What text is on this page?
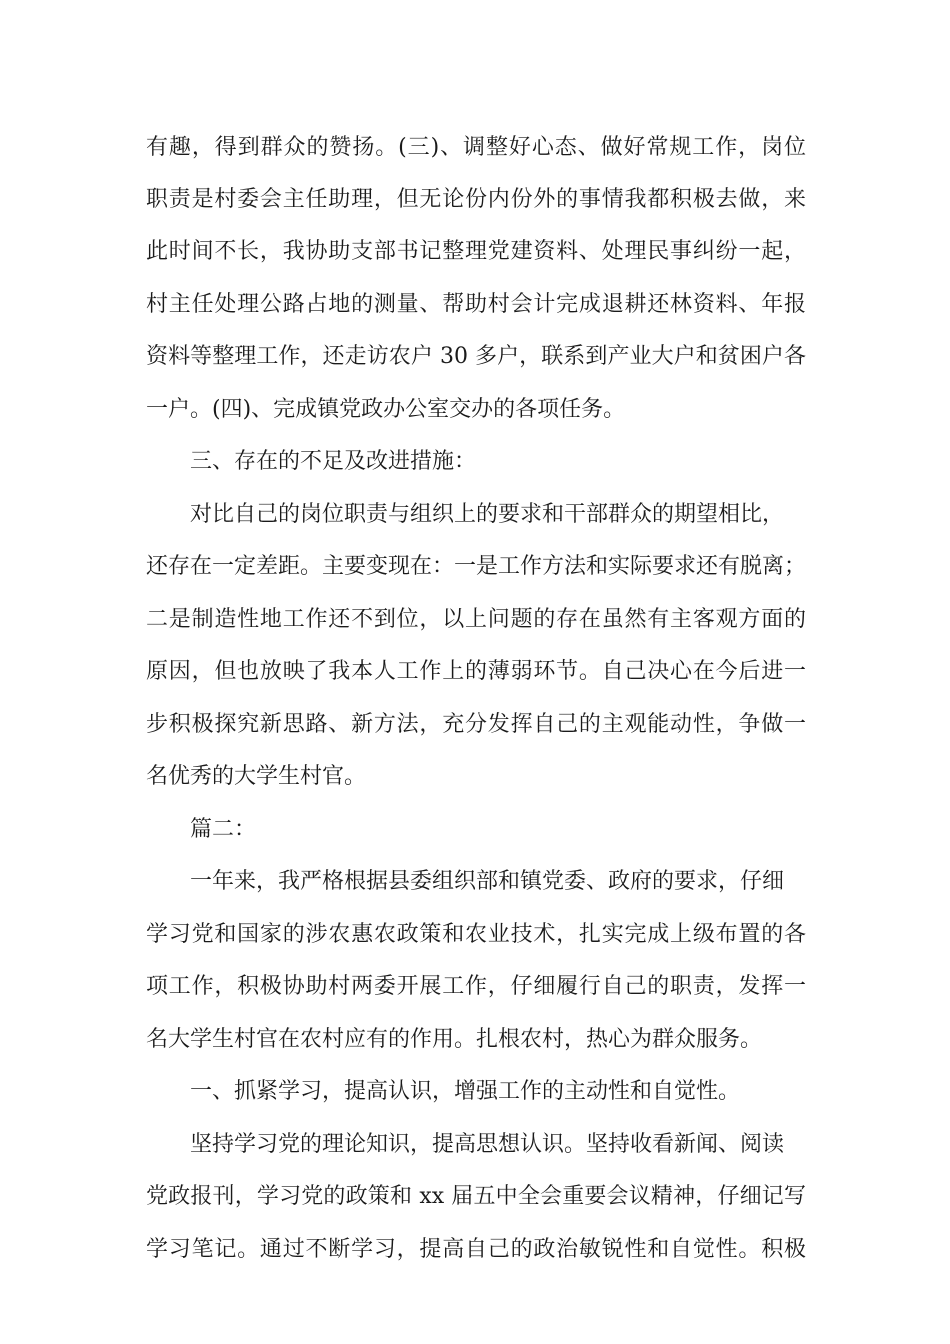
有趣，得到群众的赞扬。(三)、调整好心态、做好常规工作，岗位
职责是村委会主任助理，但无论份内份外的事情我都积极去做，来
此时间不长，我协助支部书记整理党建资料、处理民事纠纷一起，
村主任处理公路占地的测量、帮助村会计完成退耕还林资料、年报
资料等整理工作，还走访农户 30 多户，联系到产业大户和贫困户各
一户。(四)、完成镇党政办公室交办的各项任务。
三、存在的不足及改进措施：
对比自己的岗位职责与组织上的要求和干部群众的期望相比，
还存在一定差距。主要变现在：一是工作方法和实际要求还有脱离；
二是制造性地工作还不到位，以上问题的存在虽然有主客观方面的
原因，但也放映了我本人工作上的薄弱环节。自己决心在今后进一
步积极探究新思路、新方法，充分发挥自己的主观能动性，争做一
名优秀的大学生村官。
篇二：
一年来，我严格根据县委组织部和镇党委、政府的要求，仔细
学习党和国家的涉农惠农政策和农业技术，扎实完成上级布置的各
项工作，积极协助村两委开展工作，仔细履行自己的职责，发挥一
名大学生村官在农村应有的作用。扎根农村，热心为群众服务。
一、抓紧学习，提高认识，增强工作的主动性和自觉性。
坚持学习党的理论知识，提高思想认识。坚持收看新闻、阅读
党政报刊，学习党的政策和 xx 届五中全会重要会议精神，仔细记写
学习笔记。通过不断学习，提高自己的政治敏锐性和自觉性。积极
